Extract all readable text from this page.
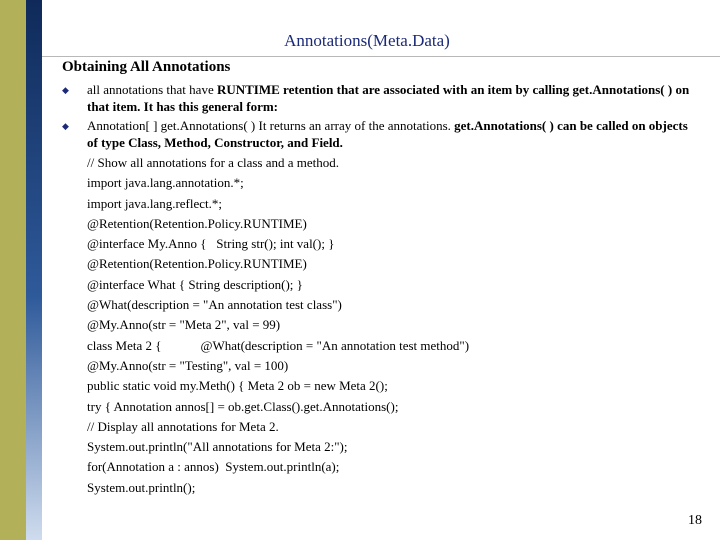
Annotations(Meta.Data)
Obtaining All Annotations
◆ all annotations that have RUNTIME retention that are associated with an item by calling get.Annotations( ) on that item. It has this general form:
◆ Annotation[ ] get.Annotations( ) It returns an array of the annotations. get.Annotations( ) can be called on objects of type Class, Method, Constructor, and Field.
// Show all annotations for a class and a method.
import java.lang.annotation.*;
import java.lang.reflect.*;
@Retention(Retention.Policy.RUNTIME)
@interface My.Anno {   String str(); int val(); }
@Retention(Retention.Policy.RUNTIME)
@interface What { String description(); }
@What(description = "An annotation test class")
@My.Anno(str = "Meta 2", val = 99)
class Meta 2 {            @What(description = "An annotation test method")
@My.Anno(str = "Testing", val = 100)
public static void my.Meth() { Meta 2 ob = new Meta 2();
try { Annotation annos[] = ob.get.Class().get.Annotations();
// Display all annotations for Meta 2.
System.out.println("All annotations for Meta 2:");
for(Annotation a : annos)  System.out.println(a);
System.out.println();
18
